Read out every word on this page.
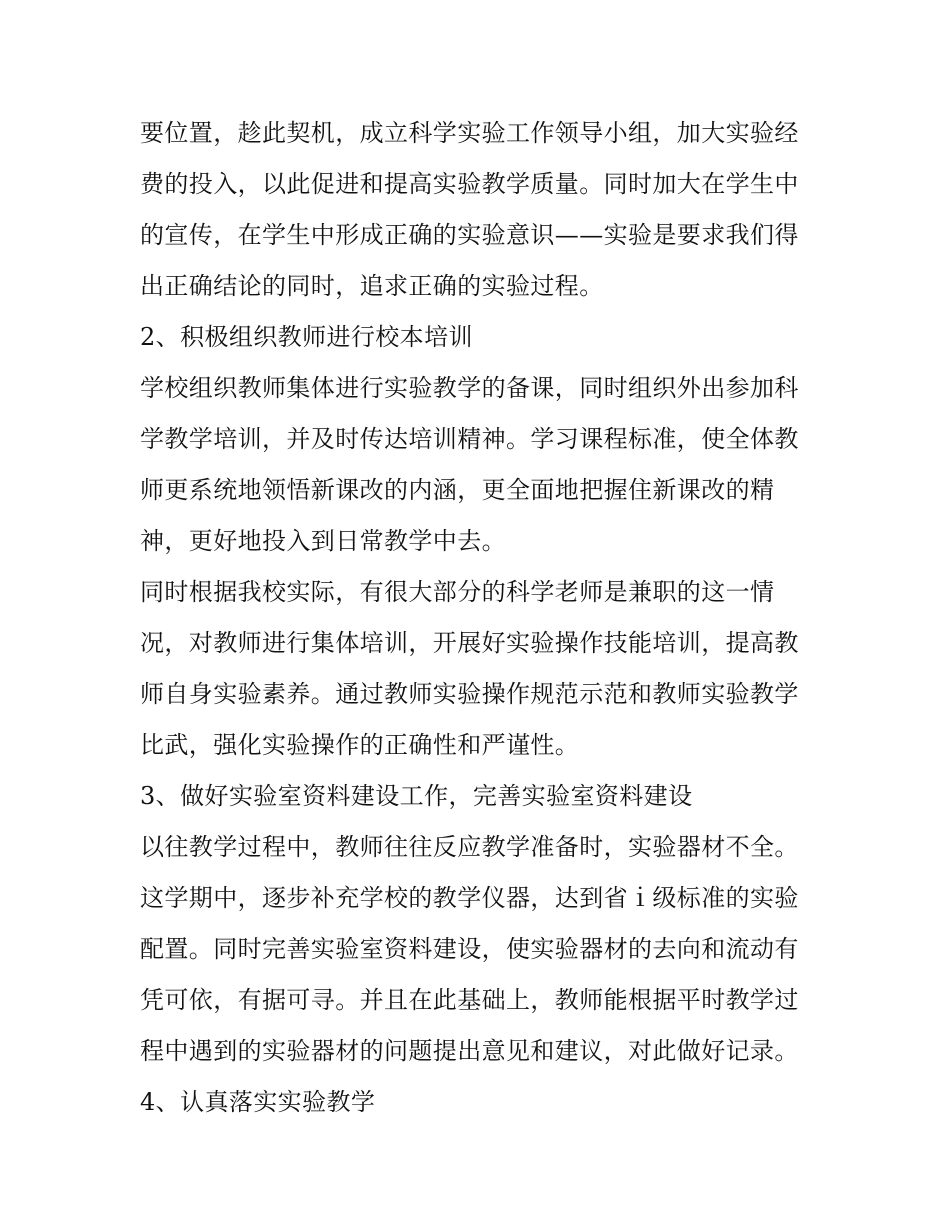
要位置，趁此契机，成立科学实验工作领导小组，加大实验经
费的投入，以此促进和提高实验教学质量。同时加大在学生中
的宣传，在学生中形成正确的实验意识——实验是要求我们得
出正确结论的同时，追求正确的实验过程。
2、积极组织教师进行校本培训
学校组织教师集体进行实验教学的备课，同时组织外出参加科
学教学培训，并及时传达培训精神。学习课程标准，使全体教
师更系统地领悟新课改的内涵，更全面地把握住新课改的精
神，更好地投入到日常教学中去。
同时根据我校实际，有很大部分的科学老师是兼职的这一情
况，对教师进行集体培训，开展好实验操作技能培训，提高教
师自身实验素养。通过教师实验操作规范示范和教师实验教学
比武，强化实验操作的正确性和严谨性。
3、做好实验室资料建设工作，完善实验室资料建设
以往教学过程中，教师往往反应教学准备时，实验器材不全。
这学期中，逐步补充学校的教学仪器，达到省ｉ级标准的实验
配置。同时完善实验室资料建设，使实验器材的去向和流动有
凭可依，有据可寻。并且在此基础上，教师能根据平时教学过
程中遇到的实验器材的问题提出意见和建议，对此做好记录。
4、认真落实实验教学
